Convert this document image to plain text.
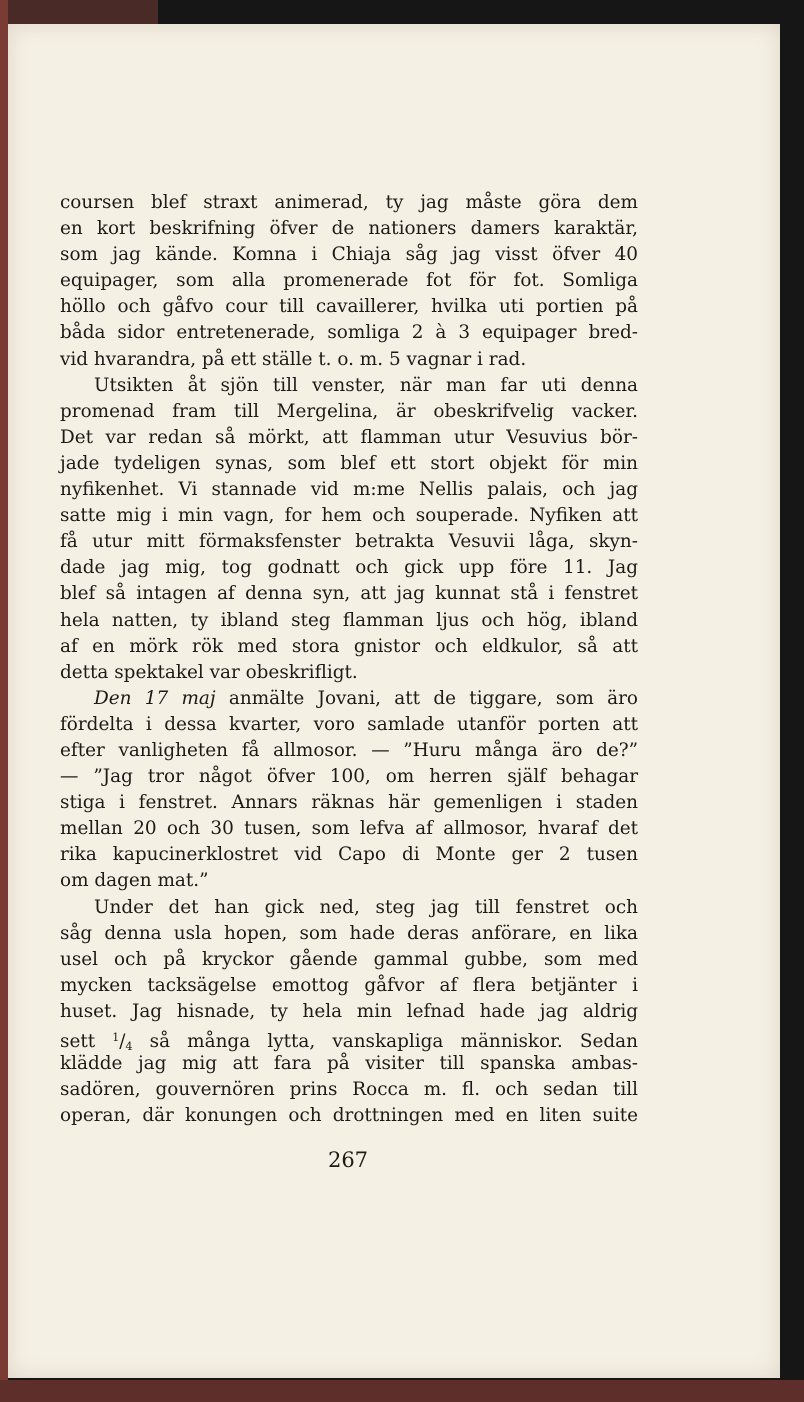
coursen blef straxt animerad, ty jag måste göra dem
en kort beskrifning öfver de nationers damers karaktär,
som jag kände. Komna i Chiaja såg jag visst öfver 40
equipager, som alla promenerade fot för fot. Somliga
höllo och gåfvo cour till cavaillerer, hvilka uti portien på
båda sidor entretenerade, somliga 2 à 3 equipager bred-
vid hvarandra, på ett ställe t. o. m. 5 vagnar i rad.
Utsikten åt sjön till venster, när man far uti denna
promenad fram till Mergelina, är obeskrifvelig vacker.
Det var redan så mörkt, att flamman utur Vesuvius bör-
jade tydeligen synas, som blef ett stort objekt för min
nyfikenhet. Vi stannade vid m:me Nellis palais, och jag
satte mig i min vagn, for hem och souperade. Nyfiken att
få utur mitt förmaksfenster betrakta Vesuvii låga, skyn-
dade jag mig, tog godnatt och gick upp före 11. Jag
blef så intagen af denna syn, att jag kunnat stå i fenstret
hela natten, ty ibland steg flamman ljus och hög, ibland
af en mörk rök med stora gnistor och eldkulor, så att
detta spektakel var obeskrifligt.
Den 17 maj anmälte Jovani, att de tiggare, som äro
fördelta i dessa kvarter, voro samlade utanför porten att
efter vanligheten få allmosor. — ”Huru många äro de?”
— ”Jag tror något öfver 100, om herren själf behagar
stiga i fenstret. Annars räknas här gemenligen i staden
mellan 20 och 30 tusen, som lefva af allmosor, hvaraf det
rika kapucinerklostret vid Capo di Monte ger 2 tusen
om dagen mat.”
Under det han gick ned, steg jag till fenstret och
såg denna usla hopen, som hade deras anförare, en lika
usel och på kryckor gående gammal gubbe, som med
mycken tacksägelse emottog gåfvor af flera betjänter i
huset. Jag hisnade, ty hela min lefnad hade jag aldrig
sett $^1/_4$ så många lytta, vanskapliga människor. Sedan
klädde jag mig att fara på visiter till spanska ambas-
sadören, gouvernören prins Rocca m. fl. och sedan till
operan, där konungen och drottningen med en liten suite
267
